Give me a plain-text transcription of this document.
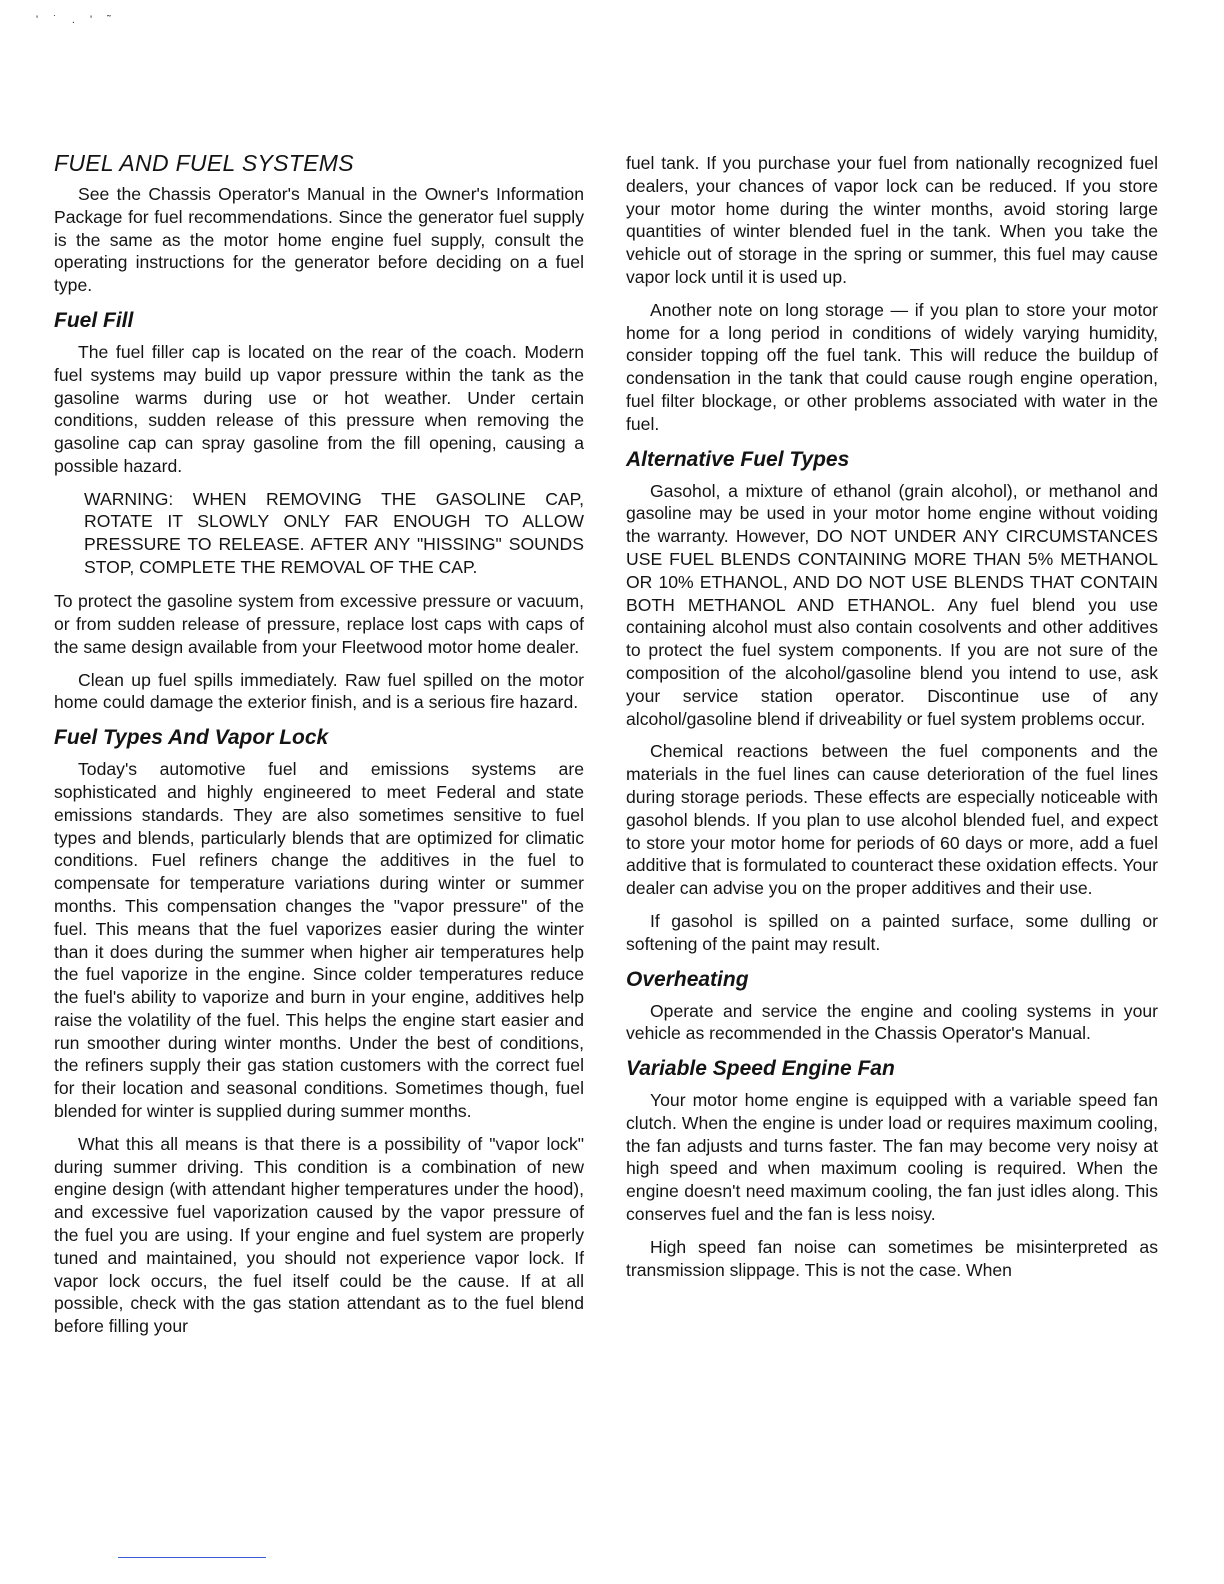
' ˙ . ' ˜
FUEL AND FUEL SYSTEMS

See the Chassis Operator's Manual in the Owner's Information Package for fuel recommendations. Since the generator fuel supply is the same as the motor home engine fuel supply, consult the operating instructions for the generator before deciding on a fuel type.

Fuel Fill

The fuel filler cap is located on the rear of the coach. Modern fuel systems may build up vapor pressure within the tank as the gasoline warms during use or hot weather. Under certain conditions, sudden release of this pressure when removing the gasoline cap can spray gasoline from the fill opening, causing a possible hazard.

WARNING: WHEN REMOVING THE GASOLINE CAP, ROTATE IT SLOWLY ONLY FAR ENOUGH TO ALLOW PRESSURE TO RELEASE. AFTER ANY "HISSING" SOUNDS STOP, COMPLETE THE REMOVAL OF THE CAP.

To protect the gasoline system from excessive pressure or vacuum, or from sudden release of pressure, replace lost caps with caps of the same design available from your Fleetwood motor home dealer.

Clean up fuel spills immediately. Raw fuel spilled on the motor home could damage the exterior finish, and is a serious fire hazard.

Fuel Types And Vapor Lock

Today's automotive fuel and emissions systems are sophisticated and highly engineered to meet Federal and state emissions standards. They are also sometimes sensitive to fuel types and blends, particularly blends that are optimized for climatic conditions. Fuel refiners change the additives in the fuel to compensate for temperature variations during winter or summer months. This compensation changes the "vapor pressure" of the fuel. This means that the fuel vaporizes easier during the winter than it does during the summer when higher air temperatures help the fuel vaporize in the engine. Since colder temperatures reduce the fuel's ability to vaporize and burn in your engine, additives help raise the volatility of the fuel. This helps the engine start easier and run smoother during winter months. Under the best of conditions, the refiners supply their gas station customers with the correct fuel for their location and seasonal conditions. Sometimes though, fuel blended for winter is supplied during summer months.

What this all means is that there is a possibility of "vapor lock" during summer driving. This condition is a combination of new engine design (with attendant higher temperatures under the hood), and excessive fuel vaporization caused by the vapor pressure of the fuel you are using. If your engine and fuel system are properly tuned and maintained, you should not experience vapor lock. If vapor lock occurs, the fuel itself could be the cause. If at all possible, check with the gas station attendant as to the fuel blend before filling your

fuel tank. If you purchase your fuel from nationally recognized fuel dealers, your chances of vapor lock can be reduced. If you store your motor home during the winter months, avoid storing large quantities of winter blended fuel in the tank. When you take the vehicle out of storage in the spring or summer, this fuel may cause vapor lock until it is used up.

Another note on long storage — if you plan to store your motor home for a long period in conditions of widely varying humidity, consider topping off the fuel tank. This will reduce the buildup of condensation in the tank that could cause rough engine operation, fuel filter blockage, or other problems associated with water in the fuel.

Alternative Fuel Types

Gasohol, a mixture of ethanol (grain alcohol), or methanol and gasoline may be used in your motor home engine without voiding the warranty. However, DO NOT UNDER ANY CIRCUMSTANCES USE FUEL BLENDS CONTAINING MORE THAN 5% METHANOL OR 10% ETHANOL, AND DO NOT USE BLENDS THAT CONTAIN BOTH METHANOL AND ETHANOL. Any fuel blend you use containing alcohol must also contain cosolvents and other additives to protect the fuel system components. If you are not sure of the composition of the alcohol/gasoline blend you intend to use, ask your service station operator. Discontinue use of any alcohol/gasoline blend if driveability or fuel system problems occur.

Chemical reactions between the fuel components and the materials in the fuel lines can cause deterioration of the fuel lines during storage periods. These effects are especially noticeable with gasohol blends. If you plan to use alcohol blended fuel, and expect to store your motor home for periods of 60 days or more, add a fuel additive that is formulated to counteract these oxidation effects. Your dealer can advise you on the proper additives and their use.

If gasohol is spilled on a painted surface, some dulling or softening of the paint may result.

Overheating

Operate and service the engine and cooling systems in your vehicle as recommended in the Chassis Operator's Manual.

Variable Speed Engine Fan

Your motor home engine is equipped with a variable speed fan clutch. When the engine is under load or requires maximum cooling, the fan adjusts and turns faster. The fan may become very noisy at high speed and when maximum cooling is required. When the engine doesn't need maximum cooling, the fan just idles along. This conserves fuel and the fan is less noisy.

High speed fan noise can sometimes be misinterpreted as transmission slippage. This is not the case. When
